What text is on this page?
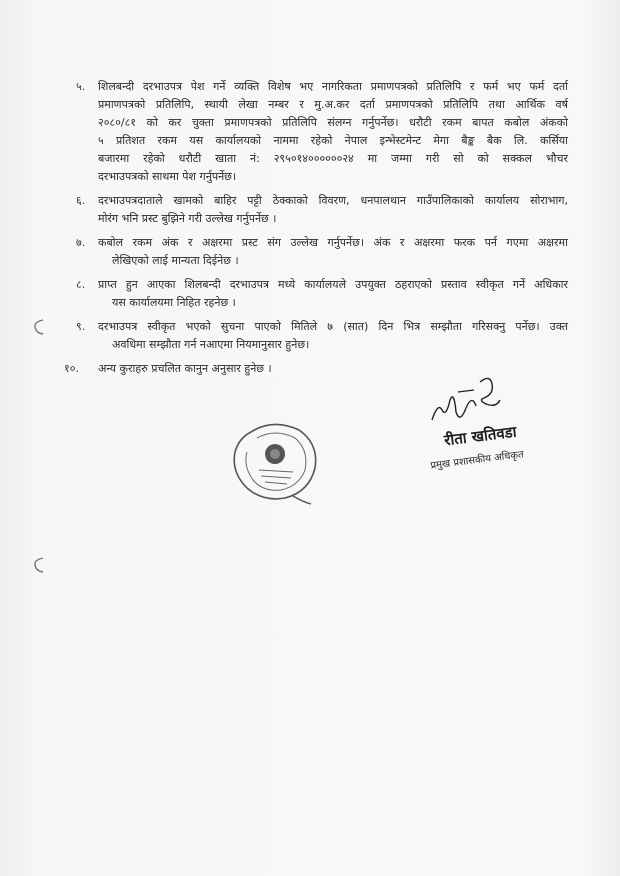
५.	शिलबन्दी दरभाउपत्र पेश गर्ने व्यक्ति विशेष भए नागरिकता प्रमाणपत्रको प्रतिलिपि र फर्म भए फर्म दर्ता
प्रमाणपत्रको प्रतिलिपि, स्थायी लेखा नम्बर र मु.अ.कर दर्ता प्रमाणपत्रको प्रतिलिपि तथा आर्थिक वर्ष
२०८०/८१ को कर चुक्ता प्रमाणपत्रको प्रतिलिपि संलग्न गर्नुपर्नेछ। धरौटी रकम बापत कबोल अंकको
५ प्रतिशत रकम यस कार्यालयको नाममा रहेको नेपाल इन्भेस्टमेन्ट मेगा बैङ्क बैक लि. कर्सिया
बजारमा रहेको धरौटी खाता नं: २९५०१४००००००२४ मा जम्मा गरी सो को सक्कल भौचर
दरभाउपत्रको साथमा पेश गर्नुपर्नेछ।
६.	दरभाउपत्रदाताले खामको बाहिर पट्टी ठेक्काको विवरण, धनपालथान गाउँपालिकाको कार्यालय सोराभाग,
मोरंग भनि प्रस्ट बुझिने गरी उल्लेख गर्नुपर्नेछ ।
७.	कबोल रकम अंक र अक्षरमा प्रस्ट संग उल्लेख गर्नुपर्नेछ। अंक र अक्षरमा फरक पर्न गएमा अक्षरमा
लेखिएको लाई मान्यता दिईनेछ ।
८.	प्राप्त हुन आएका शिलबन्दी दरभाउपत्र मध्ये कार्यालयले उपयुक्त ठहराएको प्रस्ताव स्वीकृत गर्ने अधिकार
यस कार्यालयमा निहित रहनेछ ।
९.	दरभाउपत्र स्वीकृत भएको सुचना पाएको मितिले ७ (सात) दिन भित्र सम्झौता गरिसक्नु पर्नेछ। उक्त
अवधिमा सम्झौता गर्न नआएमा नियमानुसार हुनेछ।
१०.	अन्य कुराहरु प्रचलित कानुन अनुसार हुनेछ ।
रीता खतिवडा
प्रमुख प्रशासकीय अधिकृत
